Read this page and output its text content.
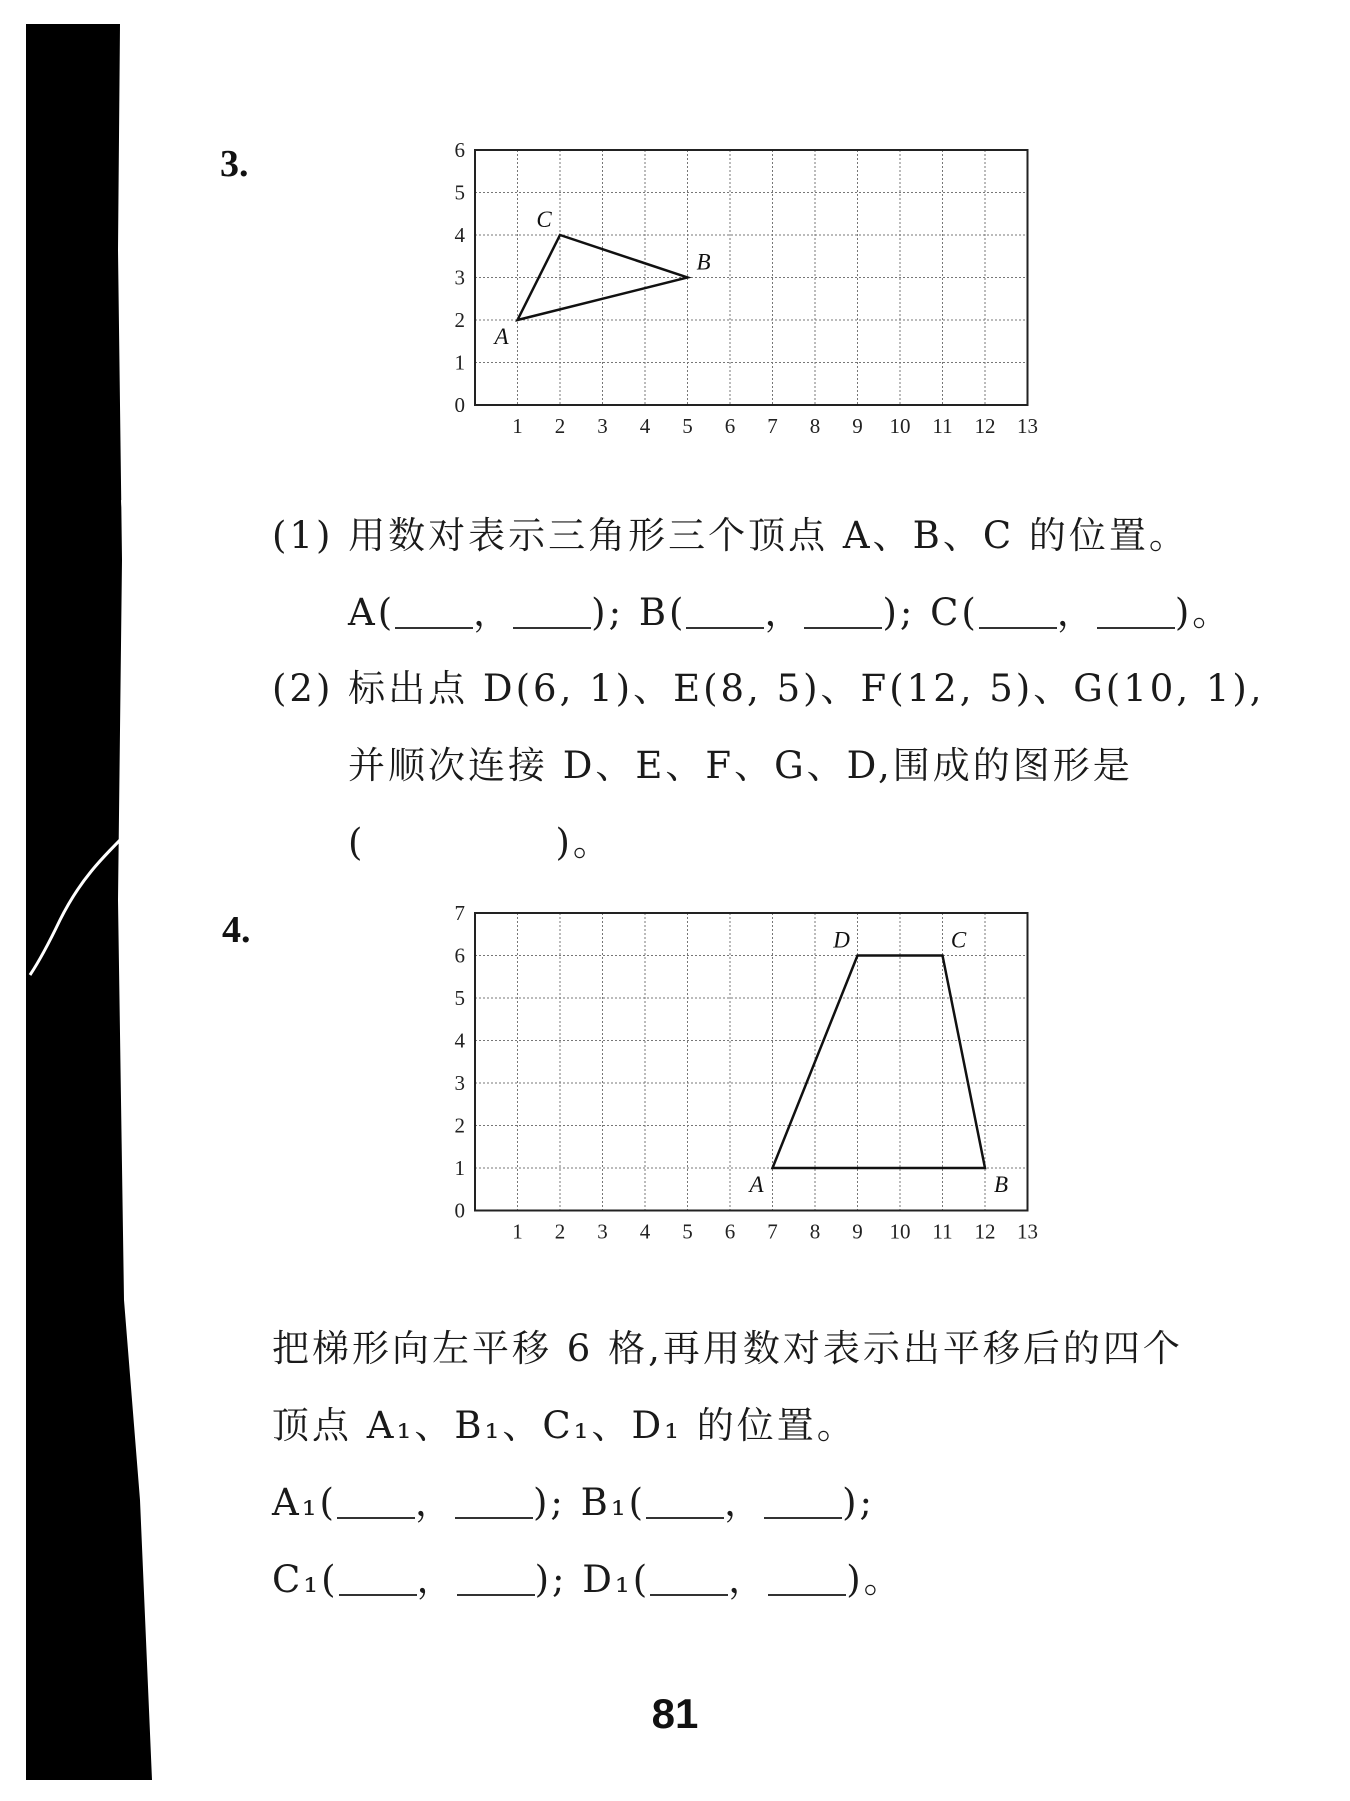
3.
1 2 3 4 5 6 7 8 9 10 11 12 13
0
1
2
3
4
5
6
A
B
C
(1) 用数对表示三角形三个顶点 A、B、C 的位置。
A( ， ); B( ， ); C( ， )。
(2) 标出点 D(6, 1)、E(8, 5)、F(12, 5)、G(10, 1),
并顺次连接 D、E、F、G、D,围成的图形是
(	)。
4.
1 2 3 4 5 6 7 8 9 10 11 12 13
0
1
2
3
4
5
6
7
A	B
C
D
把梯形向左平移 6 格,再用数对表示出平移后的四个
顶点 A₁、B₁、C₁、D₁ 的位置。
A₁( ， ); B₁( ， );
C₁( ， ); D₁( ， )。
81
